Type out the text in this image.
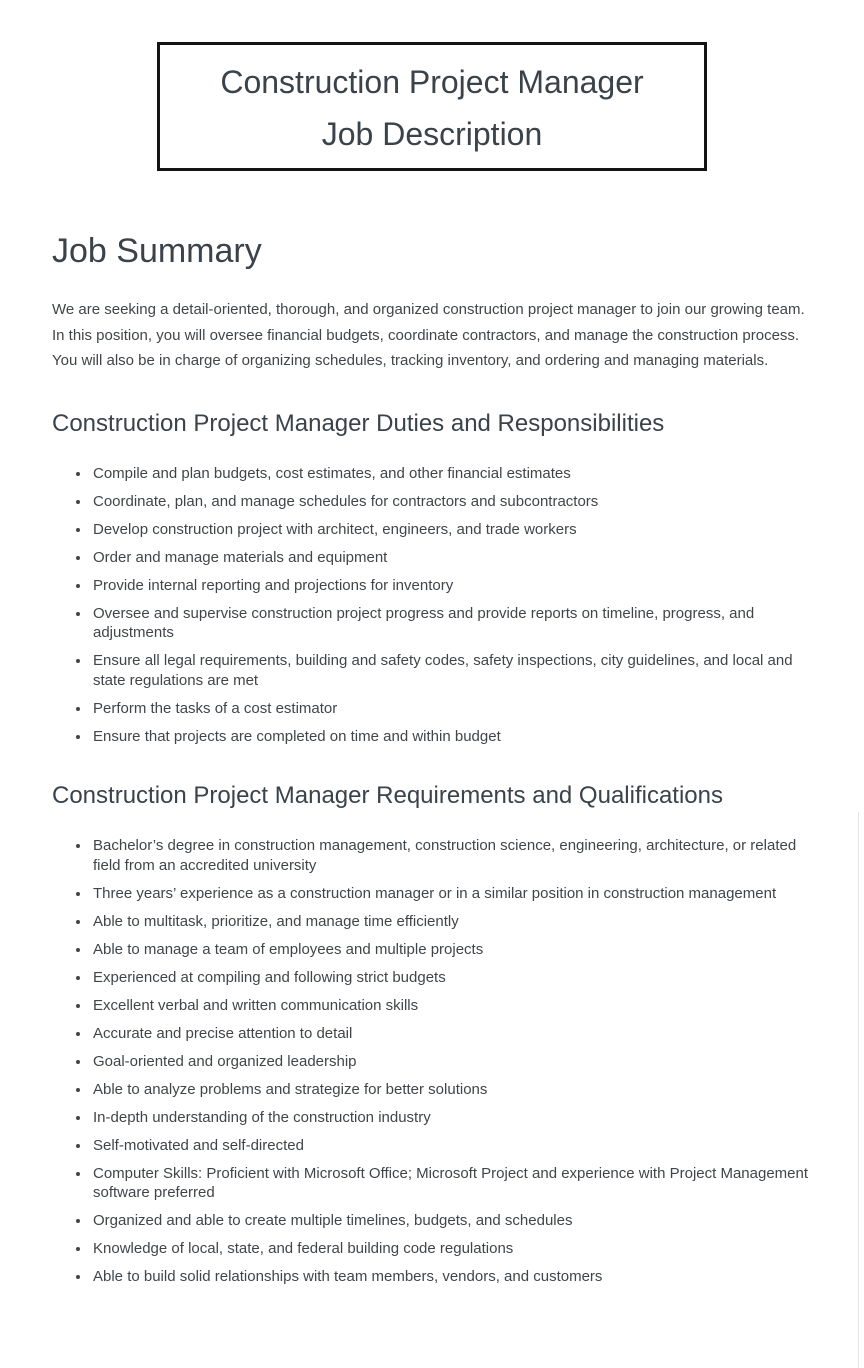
Construction Project Manager
Job Description
Job Summary

We are seeking a detail-oriented, thorough, and organized construction project manager to join our growing team. In this position, you will oversee financial budgets, coordinate contractors, and manage the construction process. You will also be in charge of organizing schedules, tracking inventory, and ordering and managing materials.

Construction Project Manager Duties and Responsibilities
• Compile and plan budgets, cost estimates, and other financial estimates
• Coordinate, plan, and manage schedules for contractors and subcontractors
• Develop construction project with architect, engineers, and trade workers
• Order and manage materials and equipment
• Provide internal reporting and projections for inventory
• Oversee and supervise construction project progress and provide reports on timeline, progress, and adjustments
• Ensure all legal requirements, building and safety codes, safety inspections, city guidelines, and local and state regulations are met
• Perform the tasks of a cost estimator
• Ensure that projects are completed on time and within budget
Construction Project Manager Requirements and Qualifications
• Bachelor’s degree in construction management, construction science, engineering, architecture, or related field from an accredited university
• Three years’ experience as a construction manager or in a similar position in construction management
• Able to multitask, prioritize, and manage time efficiently
• Able to manage a team of employees and multiple projects
• Experienced at compiling and following strict budgets
• Excellent verbal and written communication skills
• Accurate and precise attention to detail
• Goal-oriented and organized leadership
• Able to analyze problems and strategize for better solutions
• In-depth understanding of the construction industry
• Self-motivated and self-directed
• Computer Skills: Proficient with Microsoft Office; Microsoft Project and experience with Project Management software preferred
• Organized and able to create multiple timelines, budgets, and schedules
• Knowledge of local, state, and federal building code regulations
• Able to build solid relationships with team members, vendors, and customers
